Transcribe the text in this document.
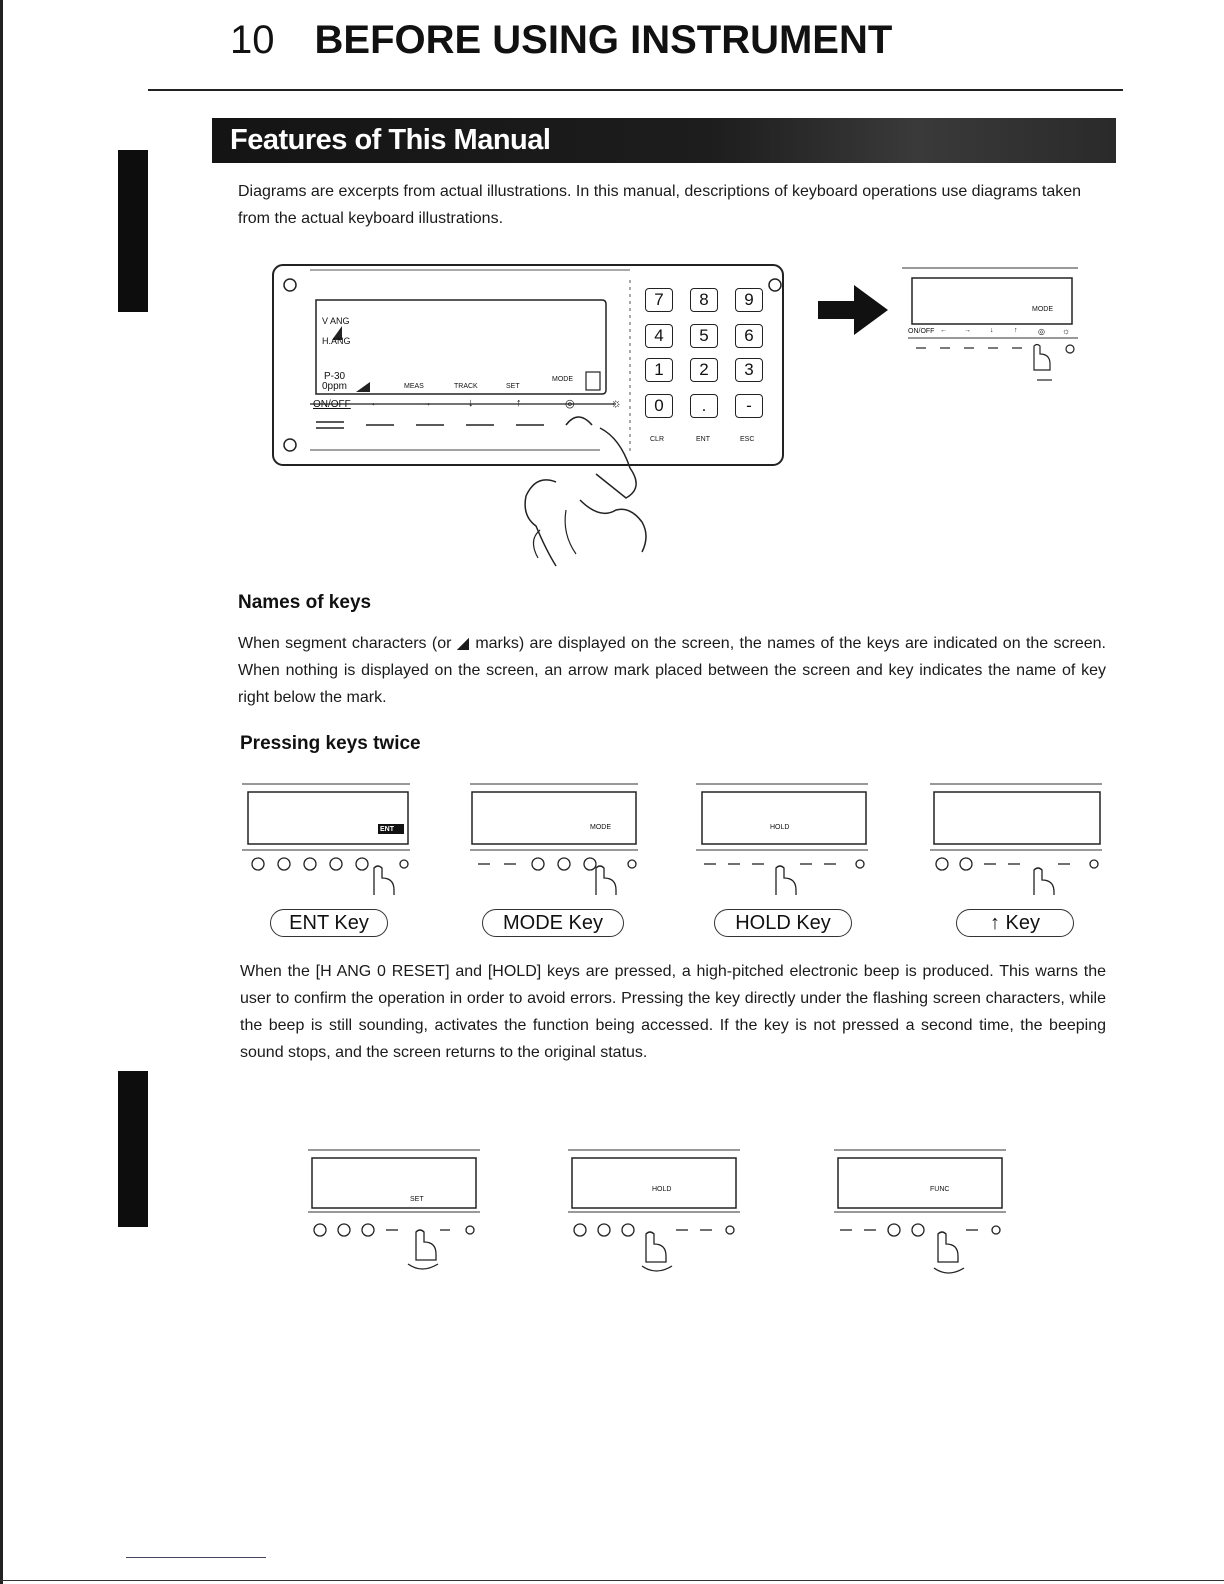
10 BEFORE USING INSTRUMENT
Features of This Manual
Diagrams are excerpts from actual illustrations. In this manual, descriptions of keyboard operations use diagrams taken from the actual keyboard illustrations.
V ANG
H.ANG
P-30
0ppm	MEAS	TRACK	SET
MODE
ON/OFF ←	→	↓	↑	◎	☼
7	8	9
4	5	6
1	2	3
0	.	-
CLR	ENT	ESC
MODE
ON/OFF ← →	↓	↑	◎ ☼
Names of keys
When segment characters (or ◢ marks) are displayed on the screen, the names of the keys are indicated on the screen. When nothing is displayed on the screen, an arrow mark placed between the screen and key indicates the name of key right below the mark.
Pressing keys twice
ENT	MODE	HOLD
ENT Key	MODE Key	HOLD Key	↑ Key
When the [H ANG 0 RESET] and [HOLD] keys are pressed, a high-pitched electronic beep is produced. This warns the user to confirm the operation in order to avoid errors. Pressing the key directly under the flashing screen characters, while the beep is still sounding, activates the function being accessed. If the key is not pressed a second time, the beeping sound stops, and the screen returns to the original status.
SET
HOLD	FUNC
